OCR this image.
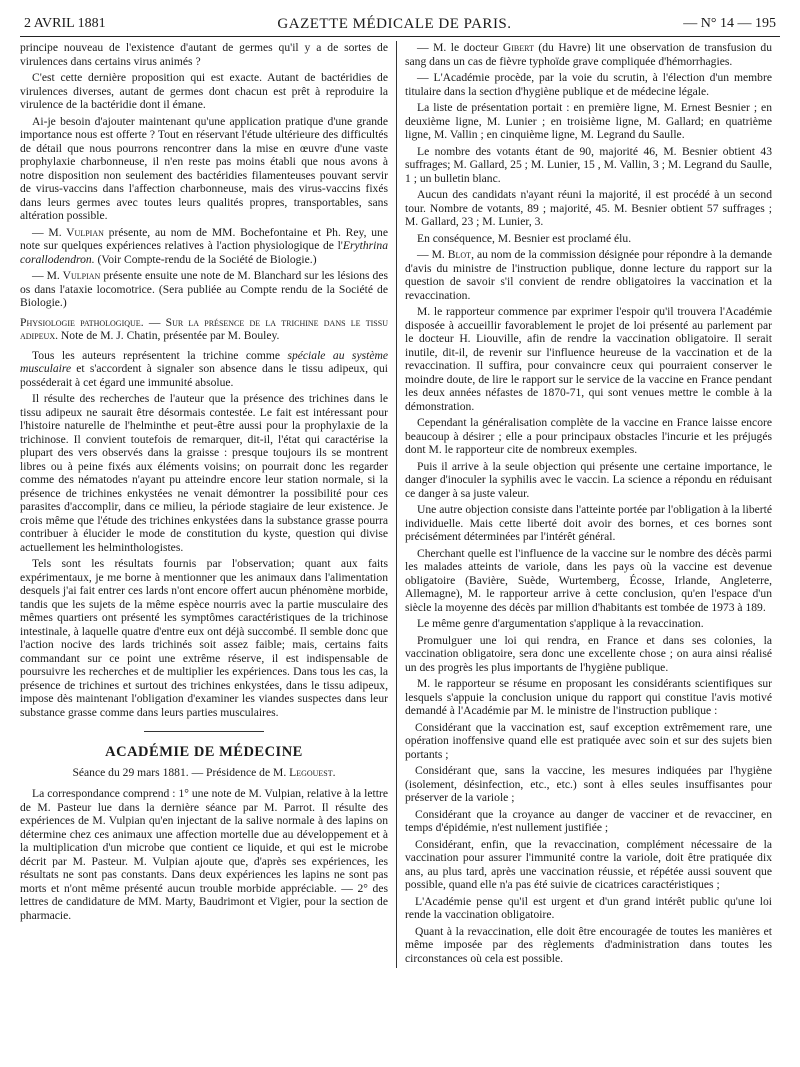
2 AVRIL 1881	GAZETTE MÉDICALE DE PARIS.	— N° 14 — 195

principe nouveau de l'existence d'autant de germes qu'il y a de sortes de virulences dans certains virus animés ?

C'est cette dernière proposition qui est exacte. Autant de bactéridies de virulences diverses, autant de germes dont chacun est prêt à reproduire la virulence de la bactéridie dont il émane.

Ai-je besoin d'ajouter maintenant qu'une application pratique d'une grande importance nous est offerte ? Tout en réservant l'étude ultérieure des difficultés de détail que nous pourrons rencontrer dans la mise en œuvre d'une vaste prophylaxie charbonneuse, il n'en reste pas moins établi que nous avons à notre disposition non seulement des bactéridies filamenteuses pouvant servir de virus-vaccins dans l'affection charbonneuse, mais des virus-vaccins fixés dans leurs germes avec toutes leurs qualités propres, transportables, sans altération possible.

— M. Vulpian présente, au nom de MM. Bochefontaine et Ph. Rey, une note sur quelques expériences relatives à l'action physiologique de l'Erythrina corallodendron. (Voir Compte-rendu de la Société de Biologie.)

— M. Vulpian présente ensuite une note de M. Blanchard sur les lésions des os dans l'ataxie locomotrice. (Sera publiée au Compte rendu de la Société de Biologie.)

Physiologie pathologique. — Sur la présence de la trichine dans le tissu adipeux. Note de M. J. Chatin, présentée par M. Bouley.

Tous les auteurs représentent la trichine comme spéciale au système musculaire et s'accordent à signaler son absence dans le tissu adipeux, qui posséderait à cet égard une immunité absolue.

Il résulte des recherches de l'auteur que la présence des trichines dans le tissu adipeux ne saurait être désormais contestée. Le fait est intéressant pour l'histoire naturelle de l'helminthe et peut-être aussi pour la prophylaxie de la trichinose. Il convient toutefois de remarquer, dit-il, l'état qui caractérise la plupart des vers observés dans la graisse : presque toujours ils se montrent libres ou à peine fixés aux éléments voisins; on pourrait donc les regarder comme des nématodes n'ayant pu atteindre encore leur station normale, si la présence de trichines enkystées ne venait démontrer la possibilité pour ces parasites d'accomplir, dans ce milieu, la période stagiaire de leur existence. Je crois même que l'étude des trichines enkystées dans la substance grasse pourra contribuer à élucider le mode de constitution du kyste, question qui divise actuellement les helminthologistes.

Tels sont les résultats fournis par l'observation; quant aux faits expérimentaux, je me borne à mentionner que les animaux dans l'alimentation desquels j'ai fait entrer ces lards n'ont encore offert aucun phénomène morbide, tandis que les sujets de la même espèce nourris avec la partie musculaire des mêmes quartiers ont présenté les symptômes caractéristiques de la trichinose intestinale, à laquelle quatre d'entre eux ont déjà succombé. Il semble donc que l'action nocive des lards trichinés soit assez faible; mais, certains faits commandant sur ce point une extrême réserve, il est indispensable de poursuivre les recherches et de multiplier les expériences. Dans tous les cas, la présence de trichines et surtout des trichines enkystées, dans le tissu adipeux, impose dès maintenant l'obligation d'examiner les viandes suspectes dans leur substance grasse comme dans leurs parties musculaires.

ACADÉMIE DE MÉDECINE

Séance du 29 mars 1881. — Présidence de M. Legouest.

La correspondance comprend : 1° une note de M. Vulpian, relative à la lettre de M. Pasteur lue dans la dernière séance par M. Parrot. Il résulte des expériences de M. Vulpian qu'en injectant de la salive normale à des lapins on détermine chez ces animaux une affection mortelle due au développement et à la multiplication d'un microbe que contient ce liquide, et qui est le microbe décrit par M. Pasteur. M. Vulpian ajoute que, d'après ses expériences, les résultats ne sont pas constants. Dans deux expériences les lapins ne sont pas morts et n'ont même présenté aucun trouble morbide appréciable. — 2° des lettres de candidature de MM. Marty, Baudrimont et Vigier, pour la section de pharmacie.

— M. le docteur Gibert (du Havre) lit une observation de transfusion du sang dans un cas de fièvre typhoïde grave compliquée d'hémorrhagies.

— L'Académie procède, par la voie du scrutin, à l'élection d'un membre titulaire dans la section d'hygiène publique et de médecine légale.

La liste de présentation portait : en première ligne, M. Ernest Besnier ; en deuxième ligne, M. Lunier ; en troisième ligne, M. Gallard; en quatrième ligne, M. Vallin ; en cinquième ligne, M. Legrand du Saulle.

Le nombre des votants étant de 90, majorité 46, M. Besnier obtient 43 suffrages; M. Gallard, 25 ; M. Lunier, 15 , M. Vallin, 3 ; M. Legrand du Saulle, 1 ; un bulletin blanc.

Aucun des candidats n'ayant réuni la majorité, il est procédé à un second tour. Nombre de votants, 89 ; majorité, 45. M. Besnier obtient 57 suffrages ; M. Gallard, 23 ; M. Lunier, 3.

En conséquence, M. Besnier est proclamé élu.

— M. Blot, au nom de la commission désignée pour répondre à la demande d'avis du ministre de l'instruction publique, donne lecture du rapport sur la question de savoir s'il convient de rendre obligatoires la vaccination et la revaccination.

M. le rapporteur commence par exprimer l'espoir qu'il trouvera l'Académie disposée à accueillir favorablement le projet de loi présenté au parlement par le docteur H. Liouville, afin de rendre la vaccination obligatoire. Il serait inutile, dit-il, de revenir sur l'influence heureuse de la vaccination et de la revaccination. Il suffira, pour convaincre ceux qui pourraient conserver le moindre doute, de lire le rapport sur le service de la vaccine en France pendant les deux années néfastes de 1870-71, qui sont venues mettre le comble à la démonstration.

Cependant la généralisation complète de la vaccine en France laisse encore beaucoup à désirer ; elle a pour principaux obstacles l'incurie et les préjugés dont M. le rapporteur cite de nombreux exemples.

Puis il arrive à la seule objection qui présente une certaine importance, le danger d'inoculer la syphilis avec le vaccin. La science a répondu en réduisant ce danger à sa juste valeur.

Une autre objection consiste dans l'atteinte portée par l'obligation à la liberté individuelle. Mais cette liberté doit avoir des bornes, et ces bornes sont précisément déterminées par l'intérêt général.

Cherchant quelle est l'influence de la vaccine sur le nombre des décès parmi les malades atteints de variole, dans les pays où la vaccine est devenue obligatoire (Bavière, Suède, Wurtemberg, Écosse, Irlande, Angleterre, Allemagne), M. le rapporteur arrive à cette conclusion, qu'en l'espace d'un siècle la moyenne des décès par million d'habitants est tombée de 1973 à 189.

Le même genre d'argumentation s'applique à la revaccination.

Promulguer une loi qui rendra, en France et dans ses colonies, la vaccination obligatoire, sera donc une excellente chose ; on aura ainsi réalisé un des progrès les plus importants de l'hygiène publique.

M. le rapporteur se résume en proposant les considérants scientifiques sur lesquels s'appuie la conclusion unique du rapport qui constitue l'avis motivé demandé à l'Académie par M. le ministre de l'instruction publique :

Considérant que la vaccination est, sauf exception extrêmement rare, une opération inoffensive quand elle est pratiquée avec soin et sur des sujets bien portants ;

Considérant que, sans la vaccine, les mesures indiquées par l'hygiène (isolement, désinfection, etc., etc.) sont à elles seules insuffisantes pour préserver de la variole ;

Considérant que la croyance au danger de vacciner et de revacciner, en temps d'épidémie, n'est nullement justifiée ;

Considérant, enfin, que la revaccination, complément nécessaire de la vaccination pour assurer l'immunité contre la variole, doit être pratiquée dix ans, au plus tard, après une vaccination réussie, et répétée aussi souvent que possible, quand elle n'a pas été suivie de cicatrices caractéristiques ;

L'Académie pense qu'il est urgent et d'un grand intérêt public qu'une loi rende la vaccination obligatoire.

Quant à la revaccination, elle doit être encouragée de toutes les manières et même imposée par des règlements d'administration dans toutes les circonstances où cela est possible.
